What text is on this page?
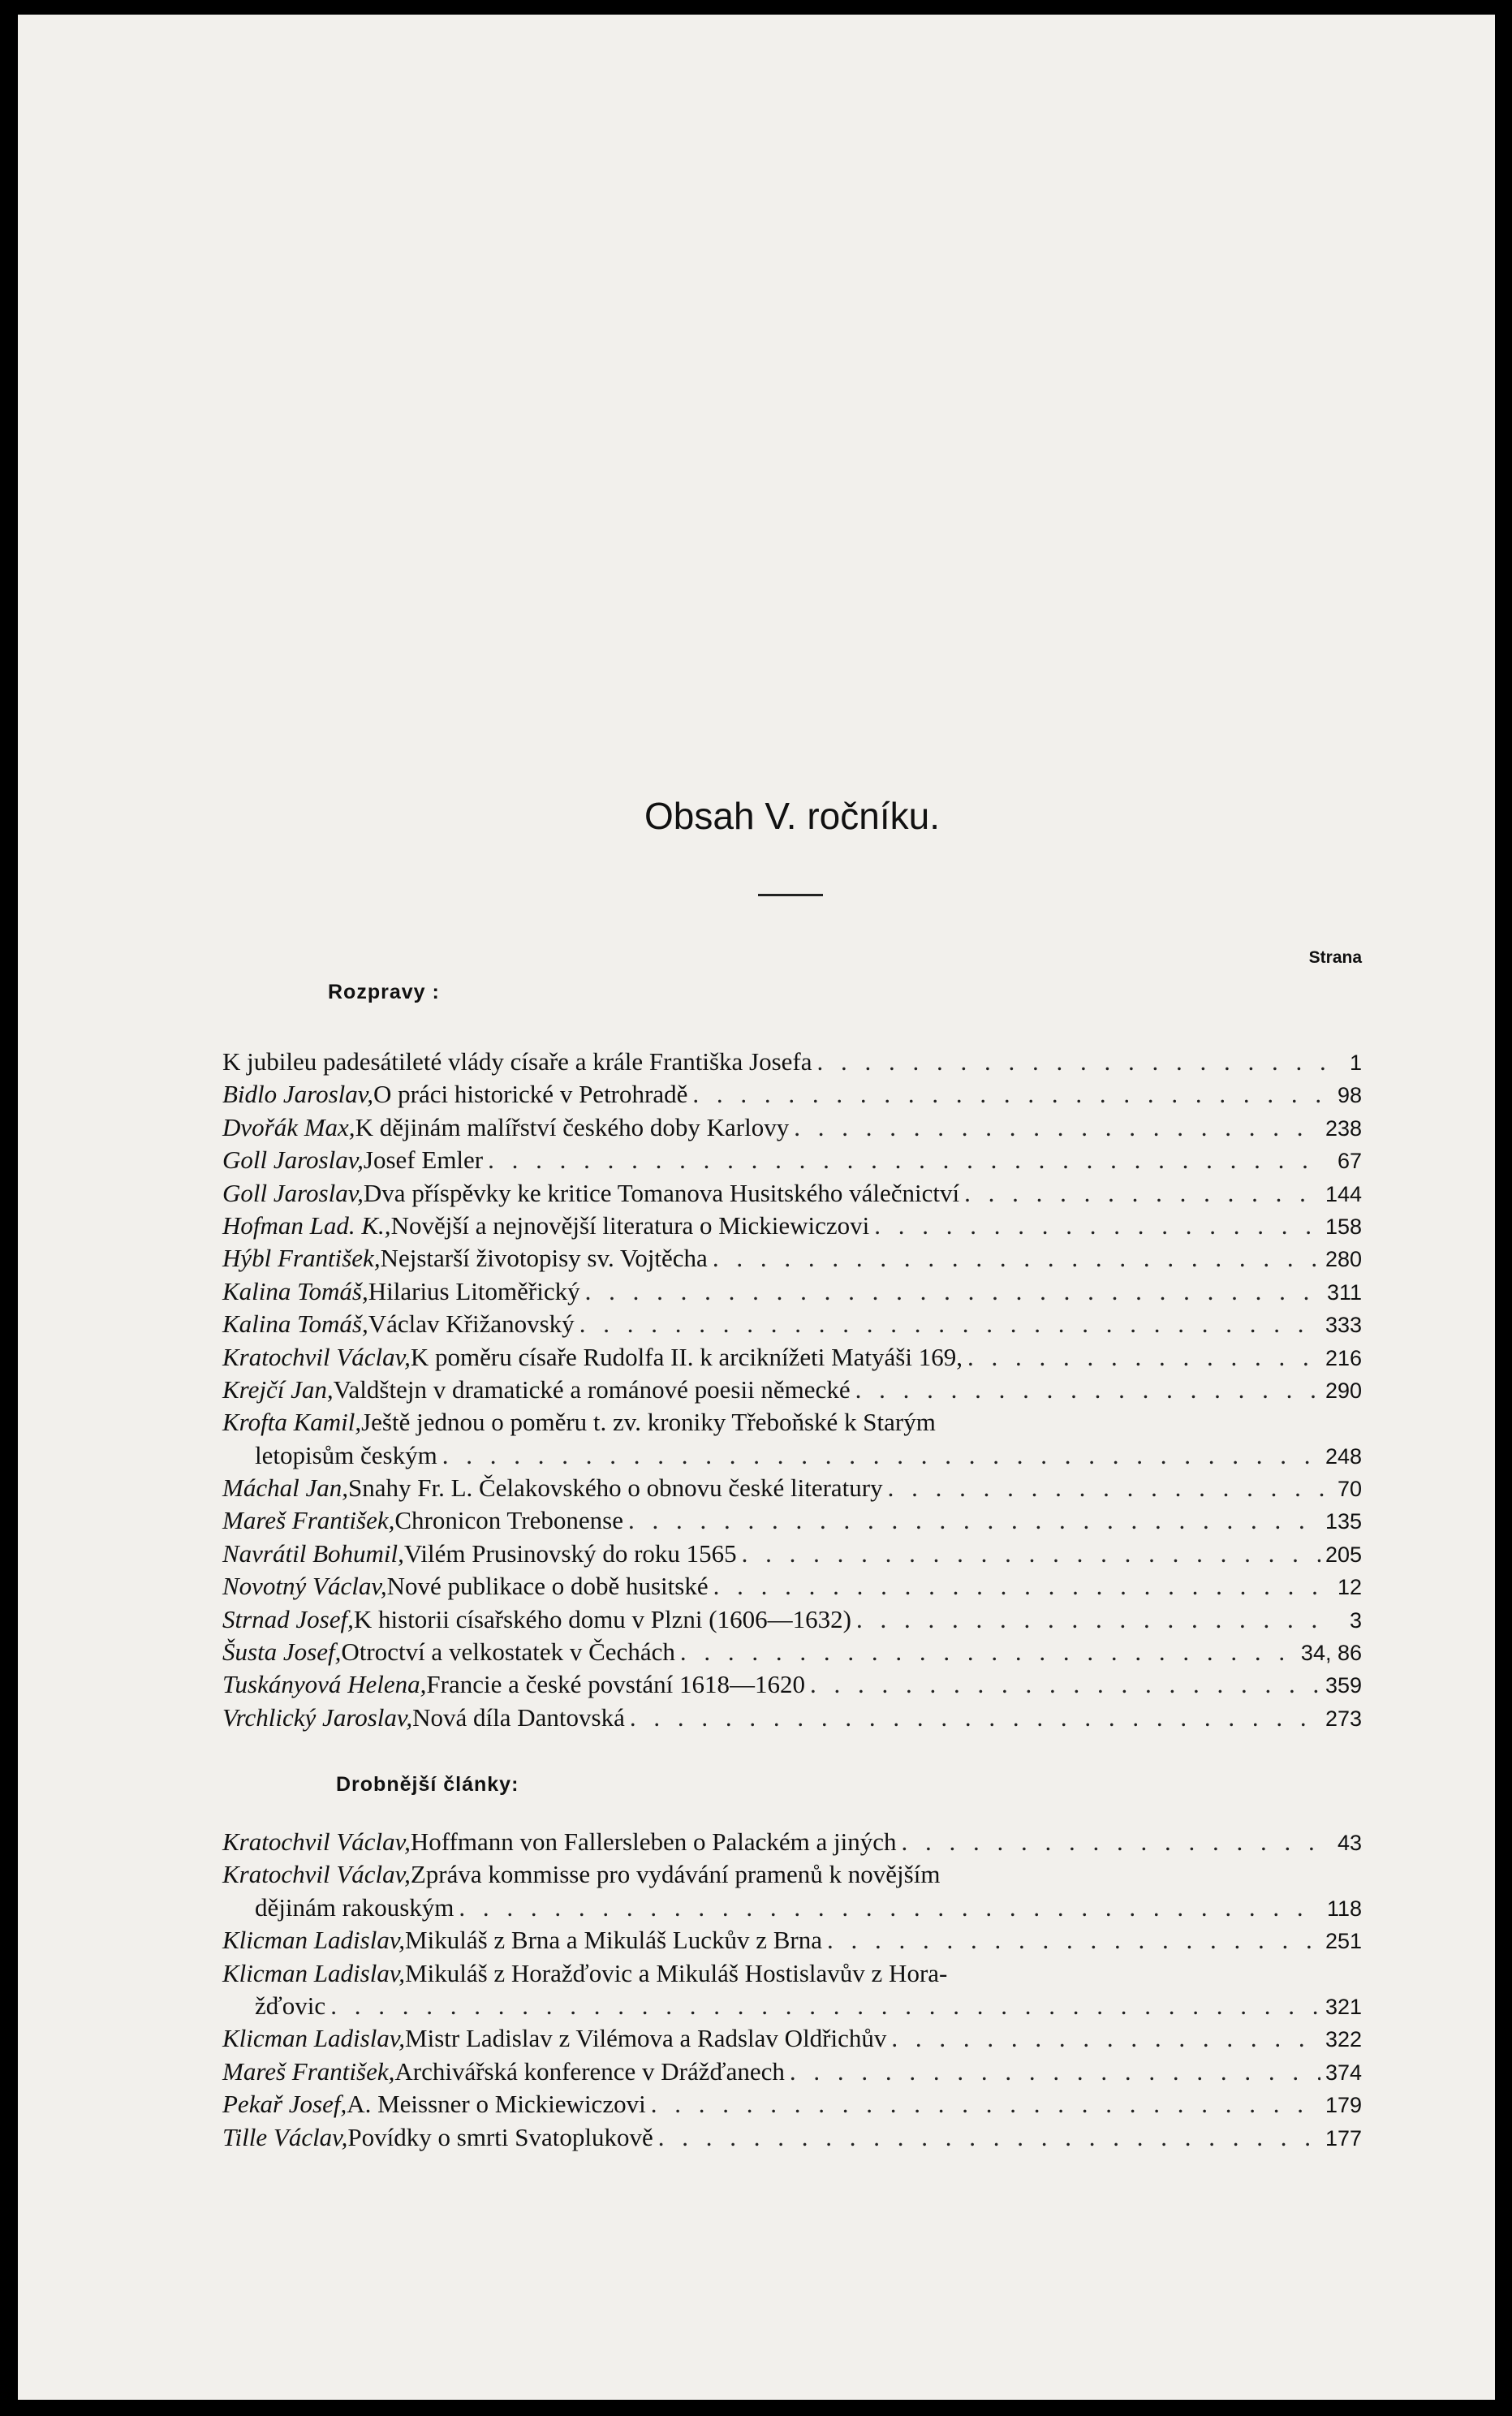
Obsah V. ročníku.
Strana
Rozpravy :
K jubileu padesátileté vlády císaře a krále Františka Josefa . . .	1
Bidlo Jaroslav, O práci historické v Petrohradě . . .	98
Dvořák Max, K dějinám malířství českého doby Karlovy . . .	238
Goll Jaroslav, Josef Emler . . .	67
Goll Jaroslav, Dva příspěvky ke kritice Tomanova Husitského válečnictví . . .	144
Hofman Lad. K., Novější a nejnovější literatura o Mickiewiczovi . . .	158
Hýbl František, Nejstarší životopisy sv. Vojtěcha . . .	280
Kalina Tomáš, Hilarius Litoměřický . . .	311
Kalina Tomáš, Václav Křižanovský . . .	333
Kratochvil Václav, K poměru císaře Rudolfa II. k arciknížeti Matyáši 169, . . .	216
Krejčí Jan, Valdštejn v dramatické a románové poesii německé . . .	290
Krofta Kamil, Ještě jednou o poměru t. zv. kroniky Třeboňské k Starým
letopisům českým . . .	248
Máchal Jan, Snahy Fr. L. Čelakovského o obnovu české literatury . . .	70
Mareš František, Chronicon Trebonense . . .	135
Navrátil Bohumil, Vilém Prusinovský do roku 1565 . . .	205
Novotný Václav, Nové publikace o době husitské . . .	12
Strnad Josef, K historii císařského domu v Plzni (1606—1632) . . .	3
Šusta Josef, Otroctví a velkostatek v Čechách . . .	34, 86
Tuskányová Helena, Francie a české povstání 1618—1620 . . .	359
Vrchlický Jaroslav, Nová díla Dantovská . . .	273
Drobnější články:
Kratochvil Václav, Hoffmann von Fallersleben o Palackém a jiných . . .	43
Kratochvil Václav, Zpráva kommisse pro vydávání pramenů k novějším
dějinám rakouským . . .	118
Klicman Ladislav, Mikuláš z Brna a Mikuláš Luckův z Brna . . .	251
Klicman Ladislav, Mikuláš z Horažďovic a Mikuláš Hostislavův z Hora-
žďovic . . .	321
Klicman Ladislav, Mistr Ladislav z Vilémova a Radslav Oldřichův . . .	322
Mareš František, Archivářská konference v Drážďanech . . .	374
Pekař Josef, A. Meissner o Mickiewiczovi . . .	179
Tille Václav, Povídky o smrti Svatoplukově . . .	177
